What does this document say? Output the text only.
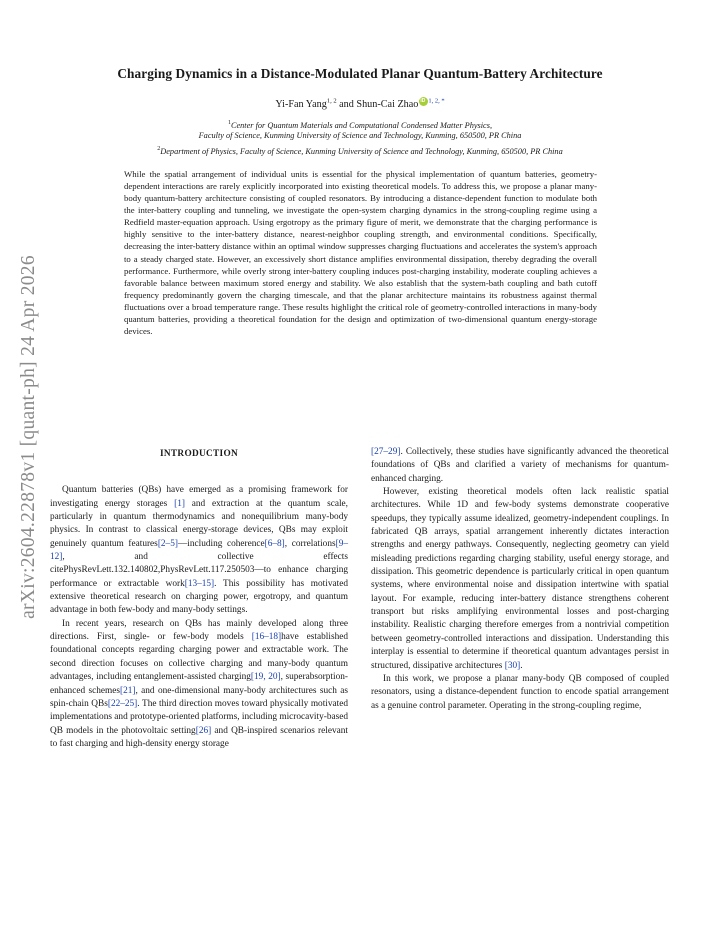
arXiv:2604.22878v1 [quant-ph] 24 Apr 2026
Charging Dynamics in a Distance-Modulated Planar Quantum-Battery Architecture
Yi-Fan Yang$^{1, 2}$ and Shun-Cai ZhaoiD $^{1, 2, *}$
$^1$Center for Quantum Materials and Computational Condensed Matter Physics,
Faculty of Science, Kunming University of Science and Technology, Kunming, 650500, PR China
$^2$Department of Physics, Faculty of Science, Kunming University of Science and Technology, Kunming, 650500, PR China
While the spatial arrangement of individual units is essential for the physical implementation of quantum batteries, geometry-dependent interactions are rarely explicitly incorporated into existing theoretical models. To address this, we propose a planar many-body quantum-battery architecture consisting of coupled resonators. By introducing a distance-dependent function to modulate both the inter-battery coupling and tunneling, we investigate the open-system charging dynamics in the strong-coupling regime using a Redfield master-equation approach. Using ergotropy as the primary figure of merit, we demonstrate that the charging performance is highly sensitive to the inter-battery distance, nearest-neighbor coupling strength, and environmental conditions. Specifically, decreasing the inter-battery distance within an optimal window suppresses charging fluctuations and accelerates the system's approach to a steady charged state. However, an excessively short distance amplifies environmental dissipation, thereby degrading the overall performance. Furthermore, while overly strong inter-battery coupling induces post-charging instability, moderate coupling achieves a favorable balance between maximum stored energy and stability. We also establish that the system-bath coupling and bath cutoff frequency predominantly govern the charging timescale, and that the planar architecture maintains its robustness against thermal fluctuations over a broad temperature range. These results highlight the critical role of geometry-controlled interactions in many-body quantum batteries, providing a theoretical foundation for the design and optimization of two-dimensional quantum energy-storage devices.
INTRODUCTION

Quantum batteries (QBs) have emerged as a promising framework for investigating energy storages [1] and extraction at the quantum scale, particularly in quantum thermodynamics and nonequilibrium many-body physics. In contrast to classical energy-storage devices, QBs may exploit genuinely quantum features[2–5]—including coherence[6–8], correlations[9–12], and collective effects citePhysRevLett.132.140802,PhysRevLett.117.250503—to enhance charging performance or extractable work[13–15]. This possibility has motivated extensive theoretical research on charging power, ergotropy, and quantum advantage in both few-body and many-body settings.

In recent years, research on QBs has mainly developed along three directions. First, single- or few-body models [16–18]have established foundational concepts regarding charging power and extractable work. The second direction focuses on collective charging and many-body quantum advantages, including entanglement-assisted charging[19, 20], superabsorption-enhanced schemes[21], and one-dimensional many-body architectures such as spin-chain QBs[22–25]. The third direction moves toward physically motivated implementations and prototype-oriented platforms, including microcavity-based QB models in the photovoltaic setting[26] and QB-inspired scenarios relevant to fast charging and high-density energy storage

[27–29]. Collectively, these studies have significantly advanced the theoretical foundations of QBs and clarified a variety of mechanisms for quantum-enhanced charging.

However, existing theoretical models often lack realistic spatial architectures. While 1D and few-body systems demonstrate cooperative speedups, they typically assume idealized, geometry-independent couplings. In fabricated QB arrays, spatial arrangement inherently dictates interaction strengths and energy pathways. Consequently, neglecting geometry can yield misleading predictions regarding charging stability, useful energy storage, and dissipation. This geometric dependence is particularly critical in open quantum systems, where environmental noise and dissipation intertwine with spatial layout. For example, reducing inter-battery distance strengthens coherent transport but risks amplifying environmental losses and post-charging instability. Realistic charging therefore emerges from a nontrivial competition between geometry-controlled interactions and dissipation. Understanding this interplay is essential to determine if theoretical quantum advantages persist in structured, dissipative architectures [30].

In this work, we propose a planar many-body QB composed of coupled resonators, using a distance-dependent function to encode spatial arrangement as a genuine control parameter. Operating in the strong-coupling regime,
